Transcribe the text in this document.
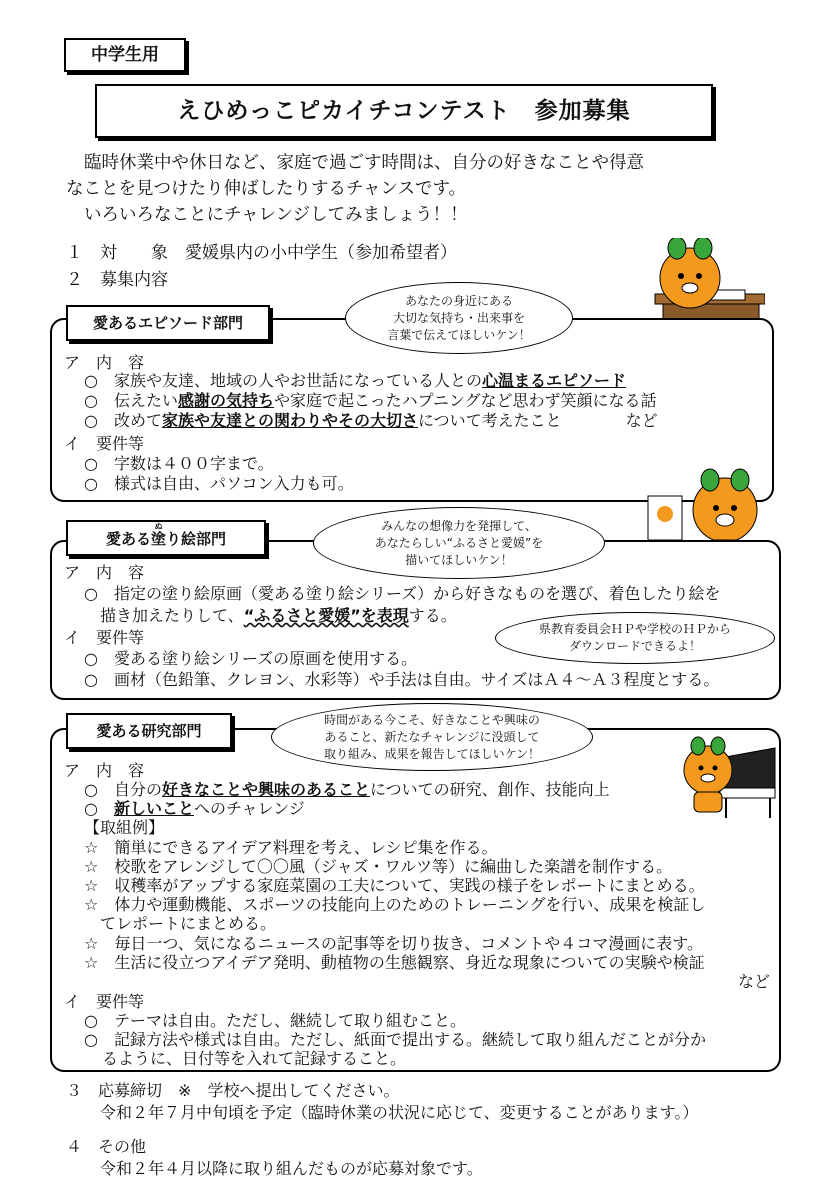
中学生用
えひめっこピカイチコンテスト　参加募集

臨時休業中や休日など、家庭で過ごす時間は、自分の好きなことや得意

なことを見つけたり伸ばしたりするチャンスです。

いろいろなことにチャレンジしてみましょう！！

１　 対　　象　 愛媛県内の小中学生（参加希望者）
２　 募集内容
愛あるエピソード部門
あなたの身近にある
大切な気持ち・出来事を
言葉で伝えてほしいケン！
ア　内　容
○　家族や友達、地域の人やお世話になっている人との心温まるエピソード
○　伝えたい感謝の気持ちや家庭で起こったハプニングなど思わず笑顔になる話
○　改めて家族や友達との関わりやその大切さについて考えたこと　　　　など
イ　要件等
○　字数は４００字まで。
○　様式は自由、パソコン入力も可。
愛ある塗ぬり絵部門
みんなの想像力を発揮して、
あなたらしい“ふるさと愛媛”を
描いてほしいケン！
ア　内　容
○　指定の塗り絵原画（愛ある塗り絵シリーズ）から好きなものを選び、着色したり絵を
描き加えたりして、“ふるさと愛媛”を表現する。
イ　要件等	県教育委員会ＨＰや学校のＨＰから
ダウンロードできるよ！
○　愛ある塗り絵シリーズの原画を使用する。
○　画材（色鉛筆、クレヨン、水彩等）や手法は自由。サイズはＡ４～Ａ３程度とする。
愛ある研究部門
時間がある今こそ、好きなことや興味の
あること、新たなチャレンジに没頭して
取り組み、成果を報告してほしいケン！
ア　内　容
○　自分の好きなことや興味のあることについての研究、創作、技能向上
○　新しいことへのチャレンジ
【取組例】
☆　簡単にできるアイデア料理を考え、レシピ集を作る。
☆　校歌をアレンジして〇〇風（ジャズ・ワルツ等）に編曲した楽譜を制作する。
☆　収穫率がアップする家庭菜園の工夫について、実践の様子をレポートにまとめる。
☆　体力や運動機能、スポーツの技能向上のためのトレーニングを行い、成果を検証し
　てレポートにまとめる。
☆　毎日一つ、気になるニュースの記事等を切り抜き、コメントや４コマ漫画に表す。
☆　生活に役立つアイデア発明、動植物の生態観察、身近な現象についての実験や検証
など
イ　要件等
○　テーマは自由。ただし、継続して取り組むこと。
○　記録方法や様式は自由。ただし、紙面で提出する。継続して取り組んだことが分か
るように、日付等を入れて記録すること。
３　 応募締切　※　学校へ提出してください。
令和２年７月中旬頃を予定（臨時休業の状況に応じて、変更することがあります。）
４　 その他
令和２年４月以降に取り組んだものが応募対象です。
